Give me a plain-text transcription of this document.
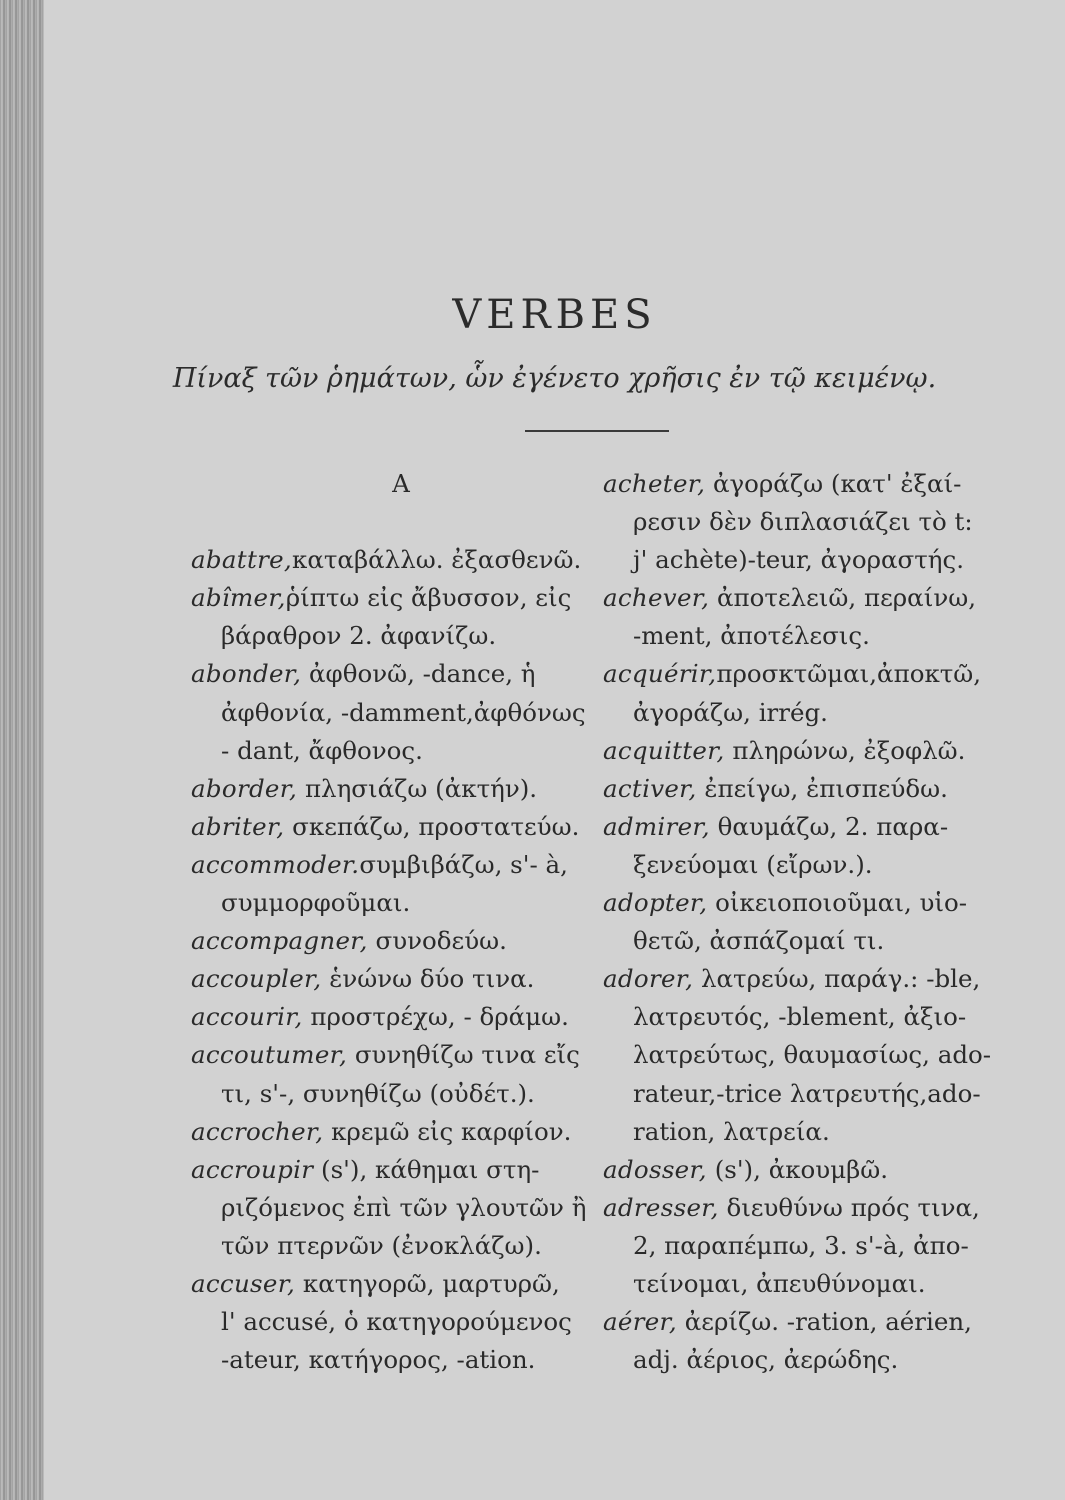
VERBES
Πίναξ τῶν ῥημάτων, ὧν ἐγένετο χρῆσις ἐν τῷ κειμένῳ.
A
abattre,καταβάλλω. ἐξασθενῶ.
abîmer,ῥίπτω εἰς ἄβυσσον, εἰς
βάραθρον 2. ἀφανίζω.
abonder, ἀφθονῶ, -dance, ἡ
ἀφθονία, -damment,ἀφθόνως
- dant, ἄφθονος.
aborder, πλησιάζω (ἀκτήν).
abriter, σκεπάζω, προστατεύω.
accommoder.συμβιβάζω, s'- à,
συμμορφοῦμαι.
accompagner, συνοδεύω.
accoupler, ἑνώνω δύο τινα.
accourir, προστρέχω, - δράμω.
accoutumer, συνηθίζω τινα εἴς
τι, s'-, συνηθίζω (οὐδέτ.).
accrocher, κρεμῶ εἰς καρφίον.
accroupir (s'), κάθημαι στη-
ριζόμενος ἐπὶ τῶν γλουτῶν ἢ
τῶν πτερνῶν (ἐνοκλάζω).
accuser, κατηγορῶ, μαρτυρῶ,
l' accusé, ὁ κατηγορούμενος
-ateur, κατήγορος, -ation.
acheter, ἀγοράζω (κατ' ἐξαί-
ρεσιν δὲν διπλασιάζει τὸ t:
j' achète)-teur, ἀγοραστής.
achever, ἀποτελειῶ, περαίνω,
-ment, ἀποτέλεσις.
acquérir,προσκτῶμαι,ἀποκτῶ,
ἀγοράζω, irrég.
acquitter, πληρώνω, ἐξοφλῶ.
activer, ἐπείγω, ἐπισπεύδω.
admirer, θαυμάζω, 2. παρα-
ξενεύομαι (εἴρων.).
adopter, οἰκειοποιοῦμαι, υἱο-
θετῶ, ἀσπάζομαί τι.
adorer, λατρεύω, παράγ.: -ble,
λατρευτός, -blement, ἀξιο-
λατρεύτως, θαυμασίως, ado-
rateur,-trice λατρευτής,ado-
ration, λατρεία.
adosser, (s'), ἀκουμβῶ.
adresser, διευθύνω πρός τινα,
2, παραπέμπω, 3. s'-à, ἀπο-
τείνομαι, ἀπευθύνομαι.
aérer, ἀερίζω. -ration, aérien,
adj. ἀέριος, ἀερώδης.
